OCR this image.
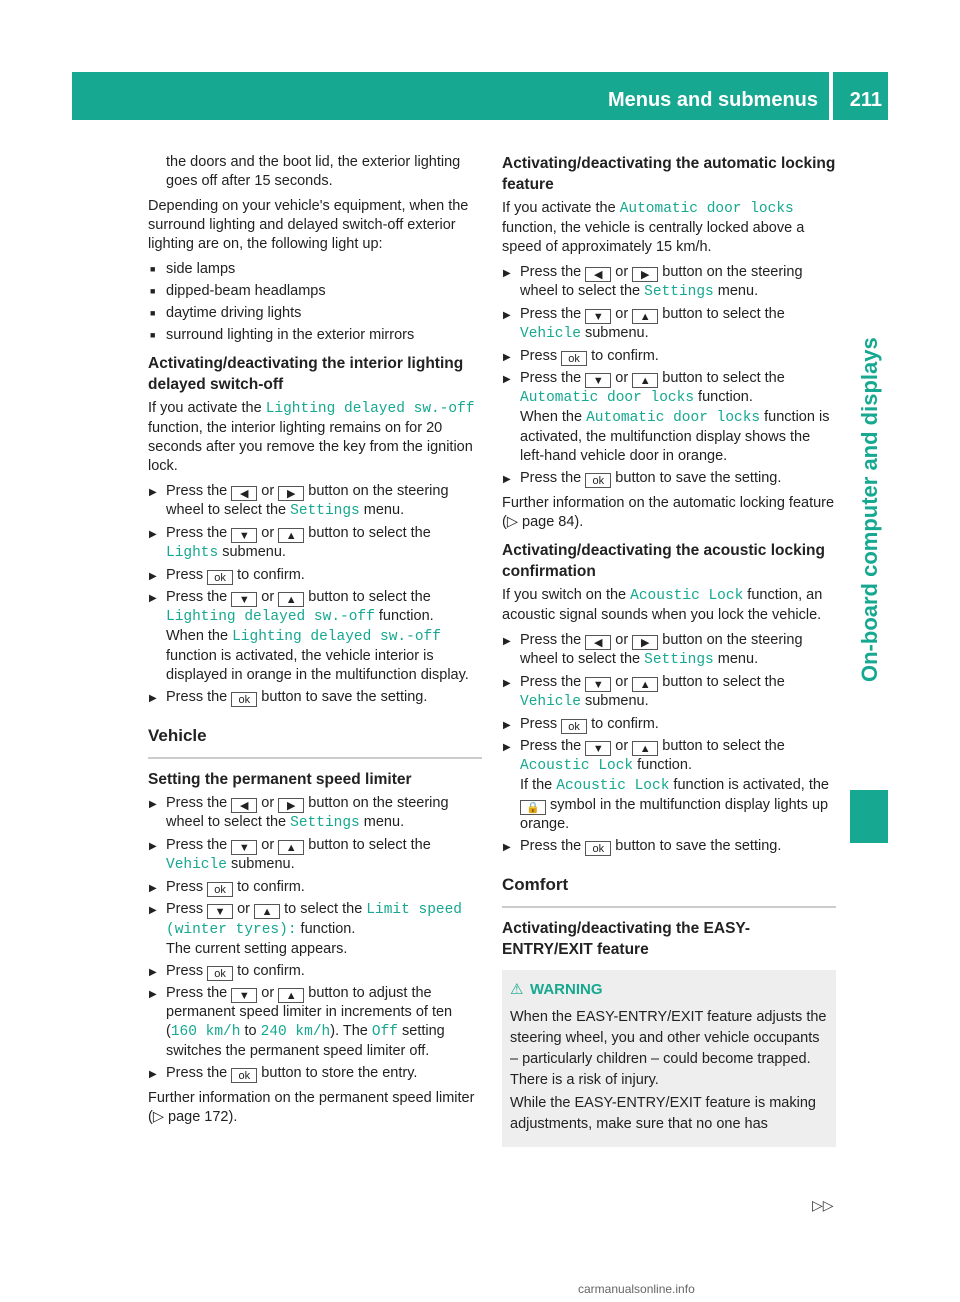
Menus and submenus 211
On-board computer and displays

the doors and the boot lid, the exterior lighting goes off after 15 seconds.

Depending on your vehicle's equipment, when the surround lighting and delayed switch-off exterior lighting are on, the following light up:

■ side lamps
■ dipped-beam headlamps
■ daytime driving lights
■ surround lighting in the exterior mirrors
Activating/deactivating the interior lighting delayed switch-off

If you activate the Lighting delayed sw.-off function, the interior lighting remains on for 20 seconds after you remove the key from the ignition lock.

▶ Press the ◀ or ▶ button on the steering wheel to select the Settings menu.
▶ Press the ▼ or ▲ button to select the Lights submenu.
▶ Press ok to confirm.
▶ Press the ▼ or ▲ button to select the Lighting delayed sw.-off function.
When the Lighting delayed sw.-off function is activated, the vehicle interior is displayed in orange in the multifunction display.
▶ Press the ok button to save the setting.
Vehicle
Setting the permanent speed limiter
▶ Press the ◀ or ▶ button on the steering wheel to select the Settings menu.
▶ Press the ▼ or ▲ button to select the Vehicle submenu.
▶ Press ok to confirm.
▶ Press ▼ or ▲ to select the Limit speed (winter tyres): function.
The current setting appears.
▶ Press ok to confirm.
▶ Press the ▼ or ▲ button to adjust the permanent speed limiter in increments of ten (160 km/h to 240 km/h). The Off setting switches the permanent speed limiter off.
▶ Press the ok button to store the entry.

Further information on the permanent speed limiter (▷ page 172).

Activating/deactivating the automatic locking feature

If you activate the Automatic door locks function, the vehicle is centrally locked above a speed of approximately 15 km/h.

▶ Press the ◀ or ▶ button on the steering wheel to select the Settings menu.
▶ Press the ▼ or ▲ button to select the Vehicle submenu.
▶ Press ok to confirm.
▶ Press the ▼ or ▲ button to select the Automatic door locks function.
When the Automatic door locks function is activated, the multifunction display shows the left-hand vehicle door in orange.
▶ Press the ok button to save the setting.

Further information on the automatic locking feature (▷ page 84).

Activating/deactivating the acoustic locking confirmation

If you switch on the Acoustic Lock function, an acoustic signal sounds when you lock the vehicle.

▶ Press the ◀ or ▶ button on the steering wheel to select the Settings menu.
▶ Press the ▼ or ▲ button to select the Vehicle submenu.
▶ Press ok to confirm.
▶ Press the ▼ or ▲ button to select the Acoustic Lock function.
If the Acoustic Lock function is activated, the 🔒 symbol in the multifunction display lights up orange.
▶ Press the ok button to save the setting.
Comfort
Activating/deactivating the EASY-ENTRY/EXIT feature
⚠ WARNING

When the EASY-ENTRY/EXIT feature adjusts the steering wheel, you and other vehicle occupants – particularly children – could become trapped. There is a risk of injury.

While the EASY-ENTRY/EXIT feature is making adjustments, make sure that no one has

▷▷
carmanualsonline.info
